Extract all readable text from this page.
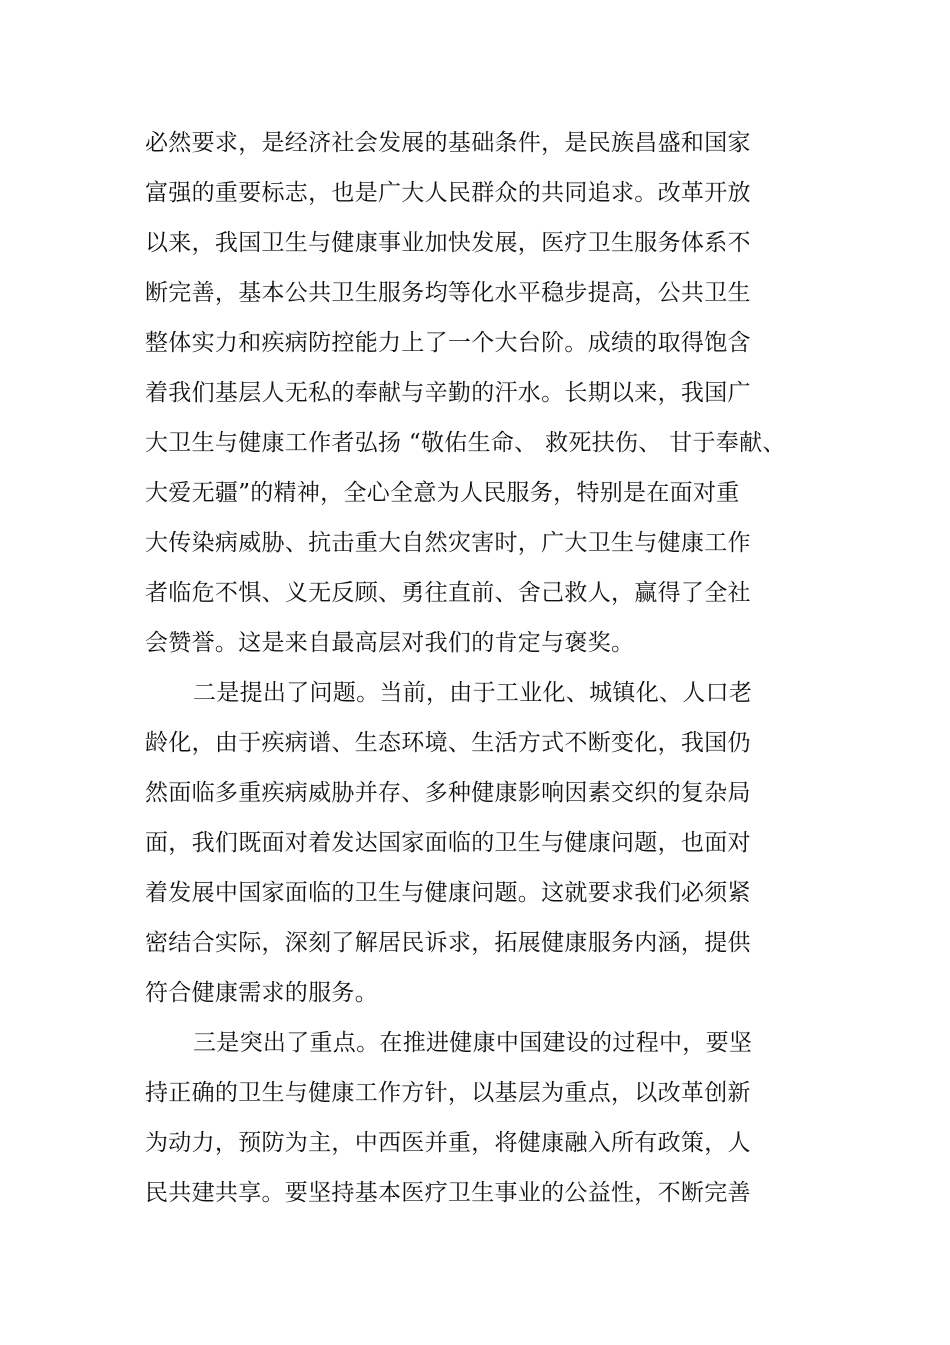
必然要求，是经济社会发展的基础条件，是民族昌盛和国家
富强的重要标志，也是广大人民群众的共同追求。改革开放
以来，我国卫生与健康事业加快发展，医疗卫生服务体系不
断完善，基本公共卫生服务均等化水平稳步提高，公共卫生
整体实力和疾病防控能力上了一个大台阶。成绩的取得饱含
着我们基层人无私的奉献与辛勤的汗水。长期以来，我国广
大卫生与健康工作者弘扬 “敬佑生命、 救死扶伤、 甘于奉献、
大爱无疆”的精神，全心全意为人民服务，特别是在面对重
大传染病威胁、抗击重大自然灾害时，广大卫生与健康工作
者临危不惧、义无反顾、勇往直前、舍己救人，赢得了全社
会赞誉。这是来自最高层对我们的肯定与褒奖。
二是提出了问题。当前，由于工业化、城镇化、人口老
龄化，由于疾病谱、生态环境、生活方式不断变化，我国仍
然面临多重疾病威胁并存、多种健康影响因素交织的复杂局
面，我们既面对着发达国家面临的卫生与健康问题，也面对
着发展中国家面临的卫生与健康问题。这就要求我们必须紧
密结合实际，深刻了解居民诉求，拓展健康服务内涵，提供
符合健康需求的服务。
三是突出了重点。在推进健康中国建设的过程中，要坚
持正确的卫生与健康工作方针，以基层为重点，以改革创新
为动力，预防为主，中西医并重，将健康融入所有政策，人
民共建共享。要坚持基本医疗卫生事业的公益性，不断完善
